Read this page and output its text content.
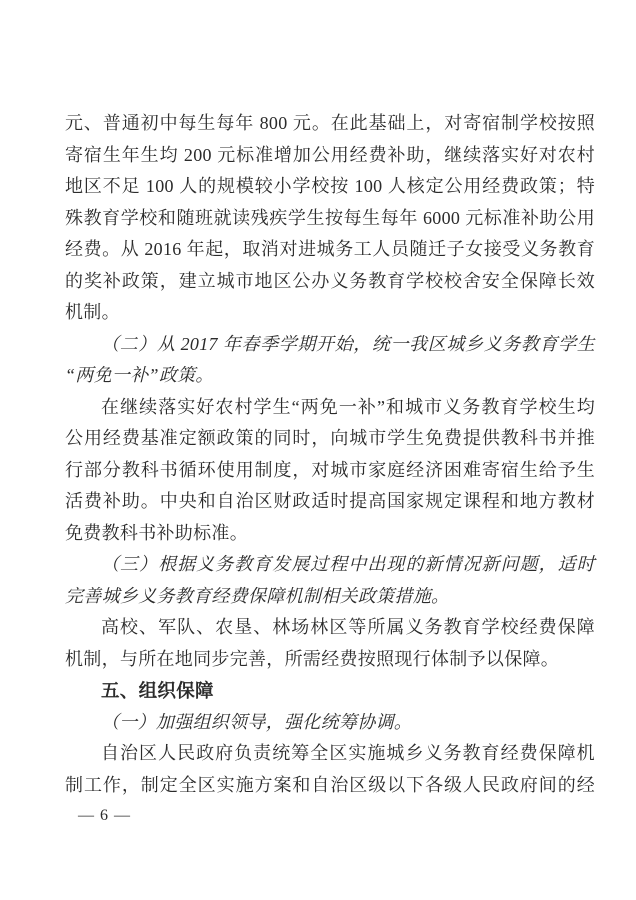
元、普通初中每生每年 800 元。在此基础上，对寄宿制学校按照
寄宿生年生均 200 元标准增加公用经费补助，继续落实好对农村
地区不足 100 人的规模较小学校按 100 人核定公用经费政策；特
殊教育学校和随班就读残疾学生按每生每年 6000 元标准补助公用
经费。从 2016 年起，取消对进城务工人员随迁子女接受义务教育
的奖补政策，建立城市地区公办义务教育学校校舍安全保障长效
机制。
（二）从 2017 年春季学期开始，统一我区城乡义务教育学生
“两免一补”政策。
在继续落实好农村学生“两免一补”和城市义务教育学校生均
公用经费基准定额政策的同时，向城市学生免费提供教科书并推
行部分教科书循环使用制度，对城市家庭经济困难寄宿生给予生
活费补助。中央和自治区财政适时提高国家规定课程和地方教材
免费教科书补助标准。
（三）根据义务教育发展过程中出现的新情况新问题，适时
完善城乡义务教育经费保障机制相关政策措施。
高校、军队、农垦、林场林区等所属义务教育学校经费保障
机制，与所在地同步完善，所需经费按照现行体制予以保障。
五、组织保障
（一）加强组织领导，强化统筹协调。
自治区人民政府负责统筹全区实施城乡义务教育经费保障机
制工作，制定全区实施方案和自治区级以下各级人民政府间的经
— 6 —
